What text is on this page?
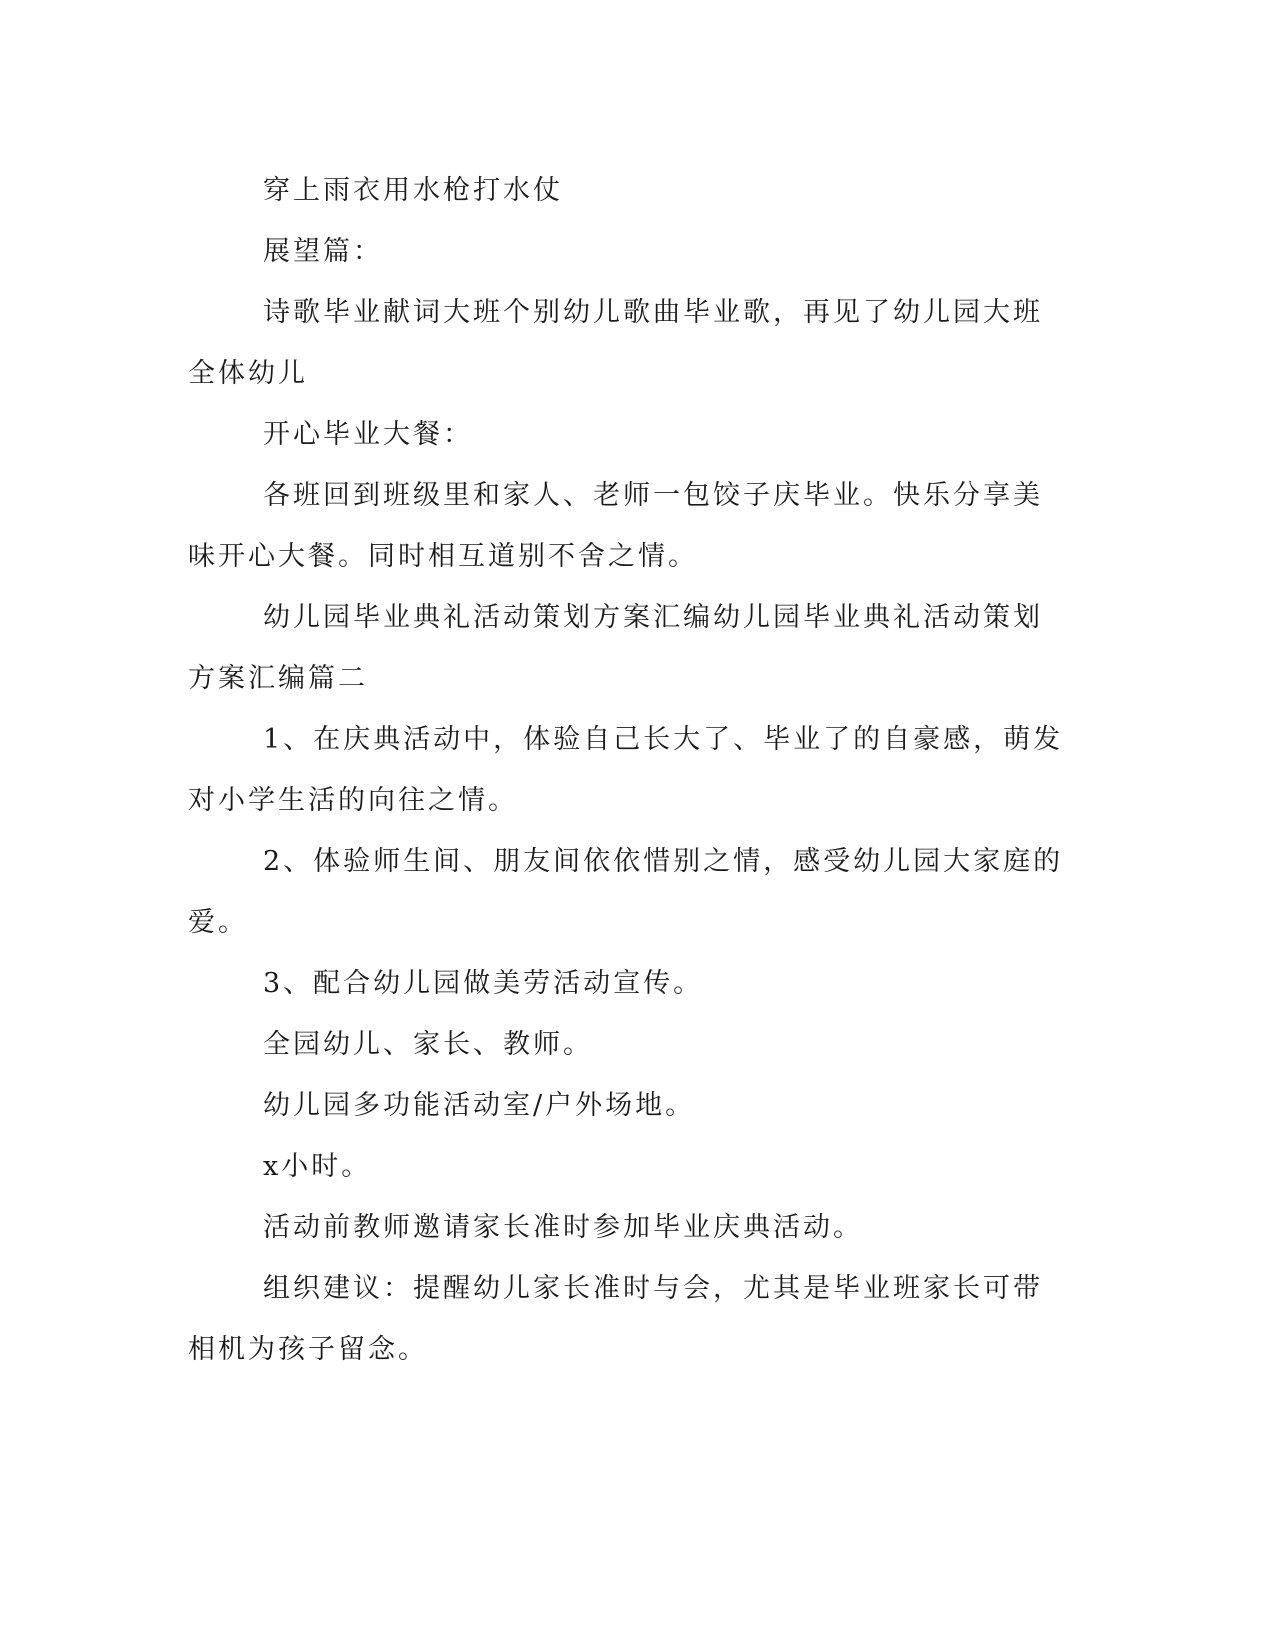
穿上雨衣用水枪打水仗

展望篇：

诗歌毕业献词大班个别幼儿歌曲毕业歌，再见了幼儿园大班全体幼儿

开心毕业大餐：

各班回到班级里和家人、老师一包饺子庆毕业。快乐分享美味开心大餐。同时相互道别不舍之情。

幼儿园毕业典礼活动策划方案汇编幼儿园毕业典礼活动策划方案汇编篇二

1、在庆典活动中，体验自己长大了、毕业了的自豪感，萌发对小学生活的向往之情。

2、体验师生间、朋友间依依惜别之情，感受幼儿园大家庭的爱。

3、配合幼儿园做美劳活动宣传。

全园幼儿、家长、教师。

幼儿园多功能活动室/户外场地。

x小时。

活动前教师邀请家长准时参加毕业庆典活动。

组织建议：提醒幼儿家长准时与会，尤其是毕业班家长可带相机为孩子留念。
